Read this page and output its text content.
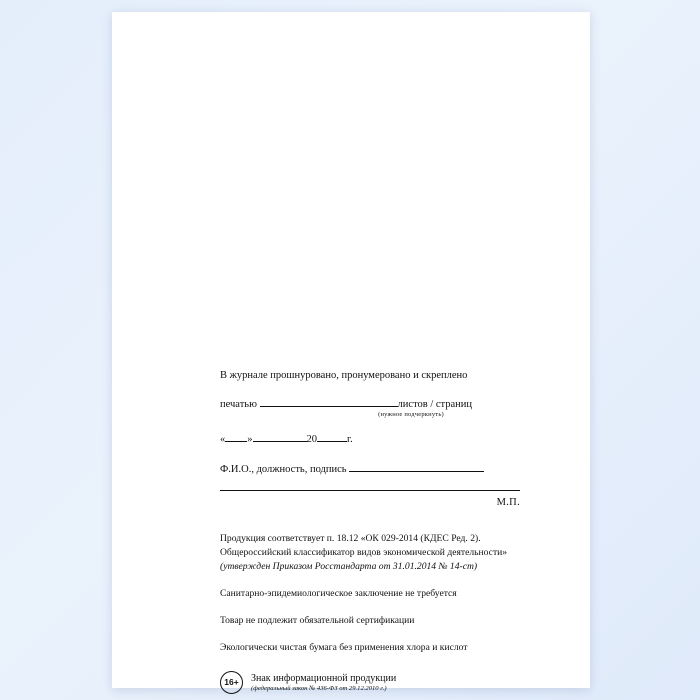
В журнале прошнуровано, пронумеровано и скреплено
печатью	листов / страниц
(нужное подчеркнуть)
« »	20	г.
Ф.И.О., должность, подпись
М.П.
Продукция соответствует п. 18.12 «ОК 029-2014 (КДЕС Ред. 2).
Общероссийский классификатор видов экономической деятельности»
(утвержден Приказом Росстандарта от 31.01.2014 № 14-ст)
Санитарно-эпидемиологическое заключение не требуется
Товар не подлежит обязательной сертификации
Экологически чистая бумага без применения хлора и кислот
16+	Знак информационной продукции
(федеральный закон № 436-ФЗ от 29.12.2010 г.)
